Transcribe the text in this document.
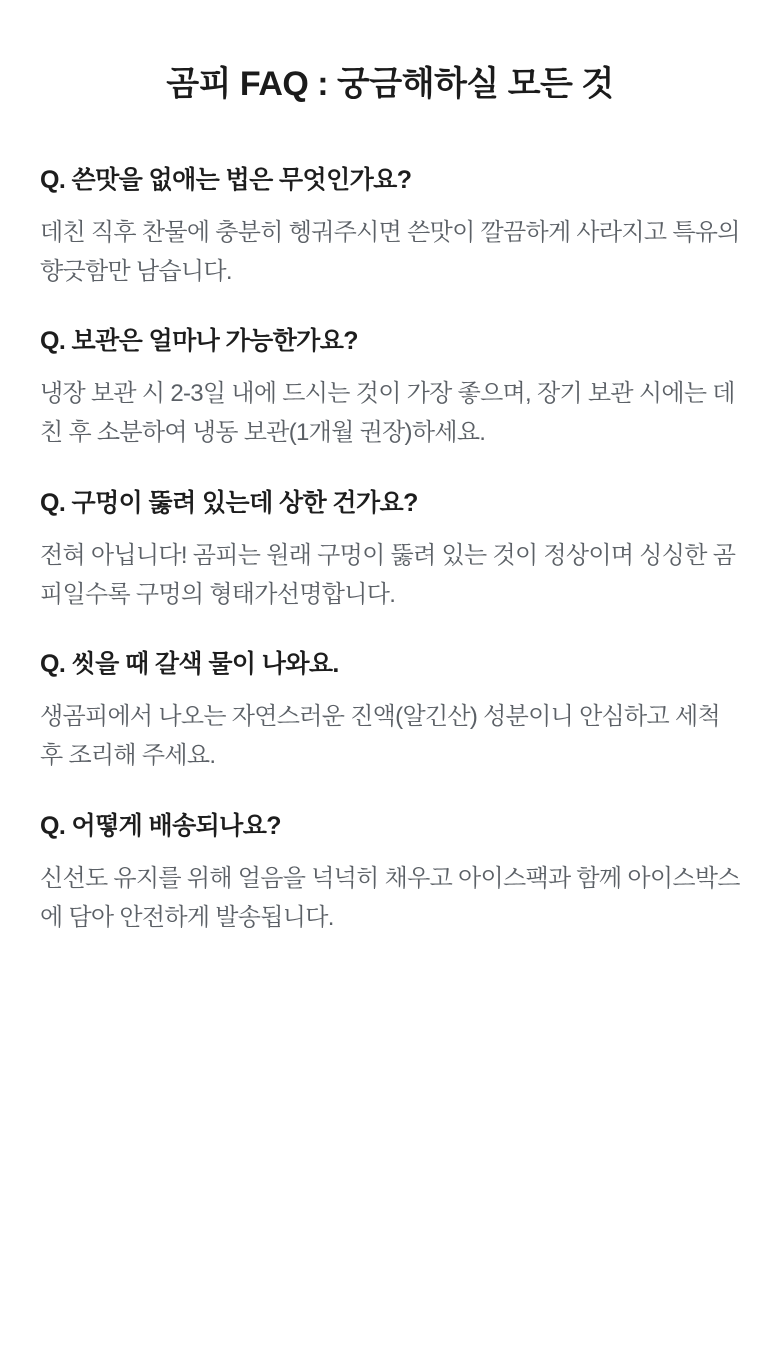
곰피 FAQ : 궁금해하실 모든 것
Q. 쓴맛을 없애는 법은 무엇인가요?
데친 직후 찬물에 충분히 헹궈주시면 쓴맛이 깔끔하게 사라지고 특유의 향긋함만 남습니다.
Q. 보관은 얼마나 가능한가요?
냉장 보관 시 2-3일 내에 드시는 것이 가장 좋으며, 장기 보관 시에는 데친 후 소분하여 냉동 보관(1개월 권장)하세요.
Q. 구멍이 뚫려 있는데 상한 건가요?
전혀 아닙니다! 곰피는 원래 구멍이 뚫려 있는 것이 정상이며 싱싱한 곰피일수록 구멍의 형태가선명합니다.
Q. 씻을 때 갈색 물이 나와요.
생곰피에서 나오는 자연스러운 진액(알긴산) 성분이니 안심하고 세척 후 조리해 주세요.
Q. 어떻게 배송되나요?
신선도 유지를 위해 얼음을 넉넉히 채우고 아이스팩과 함께 아이스박스에 담아 안전하게 발송됩니다.
